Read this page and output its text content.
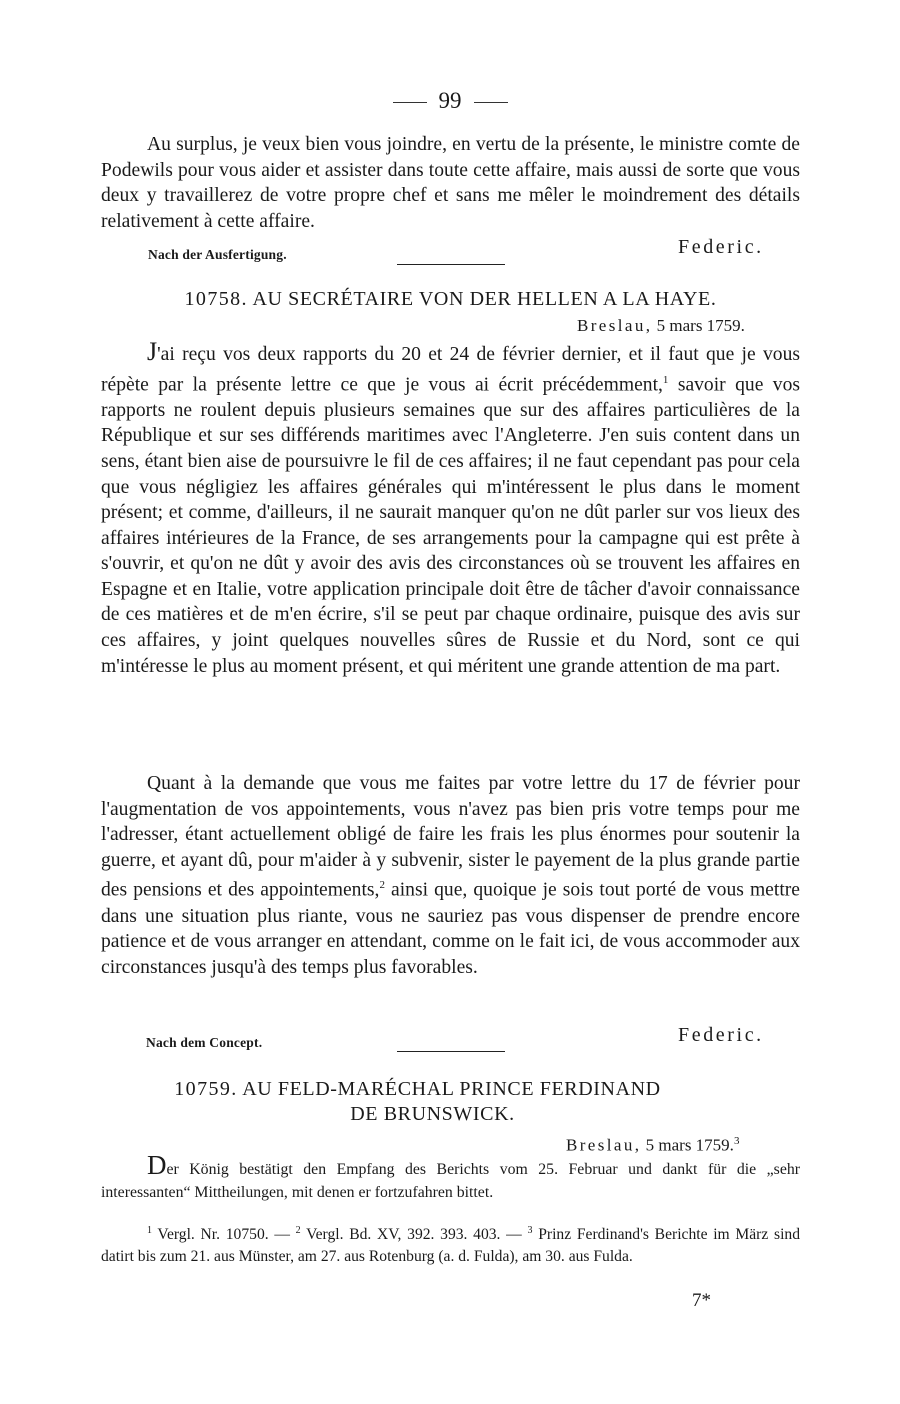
99

Au surplus, je veux bien vous joindre, en vertu de la présente, le ministre comte de Podewils pour vous aider et assister dans toute cette affaire, mais aussi de sorte que vous deux y travaillerez de votre propre chef et sans me mêler le moindrement des détails relativement à cette affaire.

Nach der Ausfertigung.	Federic.
10758. AU SECRÉTAIRE VON DER HELLEN A LA HAYE.
Breslau, 5 mars 1759.

J'ai reçu vos deux rapports du 20 et 24 de février dernier, et il faut que je vous répète par la présente lettre ce que je vous ai écrit précédemment,$^1$ savoir que vos rapports ne roulent depuis plusieurs semaines que sur des affaires particulières de la République et sur ses différends maritimes avec l'Angleterre. J'en suis content dans un sens, étant bien aise de poursuivre le fil de ces affaires; il ne faut cependant pas pour cela que vous négligiez les affaires générales qui m'intéressent le plus dans le moment présent; et comme, d'ailleurs, il ne saurait manquer qu'on ne dût parler sur vos lieux des affaires intérieures de la France, de ses arrangements pour la campagne qui est prête à s'ouvrir, et qu'on ne dût y avoir des avis des circonstances où se trouvent les affaires en Espagne et en Italie, votre application principale doit être de tâcher d'avoir connaissance de ces matières et de m'en écrire, s'il se peut par chaque ordinaire, puisque des avis sur ces affaires, y joint quelques nouvelles sûres de Russie et du Nord, sont ce qui m'intéresse le plus au moment présent, et qui méritent une grande attention de ma part.

Quant à la demande que vous me faites par votre lettre du 17 de février pour l'augmentation de vos appointements, vous n'avez pas bien pris votre temps pour me l'adresser, étant actuellement obligé de faire les frais les plus énormes pour soutenir la guerre, et ayant dû, pour m'aider à y subvenir, sister le payement de la plus grande partie des pensions et des appointements,$^2$ ainsi que, quoique je sois tout porté de vous mettre dans une situation plus riante, vous ne sauriez pas vous dispenser de prendre encore patience et de vous arranger en attendant, comme on le fait ici, de vous accommoder aux circonstances jusqu'à des temps plus favorables.

Nach dem Concept.	Federic.
10759. AU FELD-MARÉCHAL PRINCE FERDINAND
DE BRUNSWICK.
Breslau, 5 mars 1759.$^3$

Der König bestätigt den Empfang des Berichts vom 25. Februar und dankt für die „sehr interessanten“ Mittheilungen, mit denen er fortzufahren bittet.

$^1$ Vergl. Nr. 10750. — $^2$ Vergl. Bd. XV, 392. 393. 403. — $^3$ Prinz Ferdinand's Berichte im März sind datirt bis zum 21. aus Münster, am 27. aus Rotenburg (a. d. Fulda), am 30. aus Fulda.

7*
